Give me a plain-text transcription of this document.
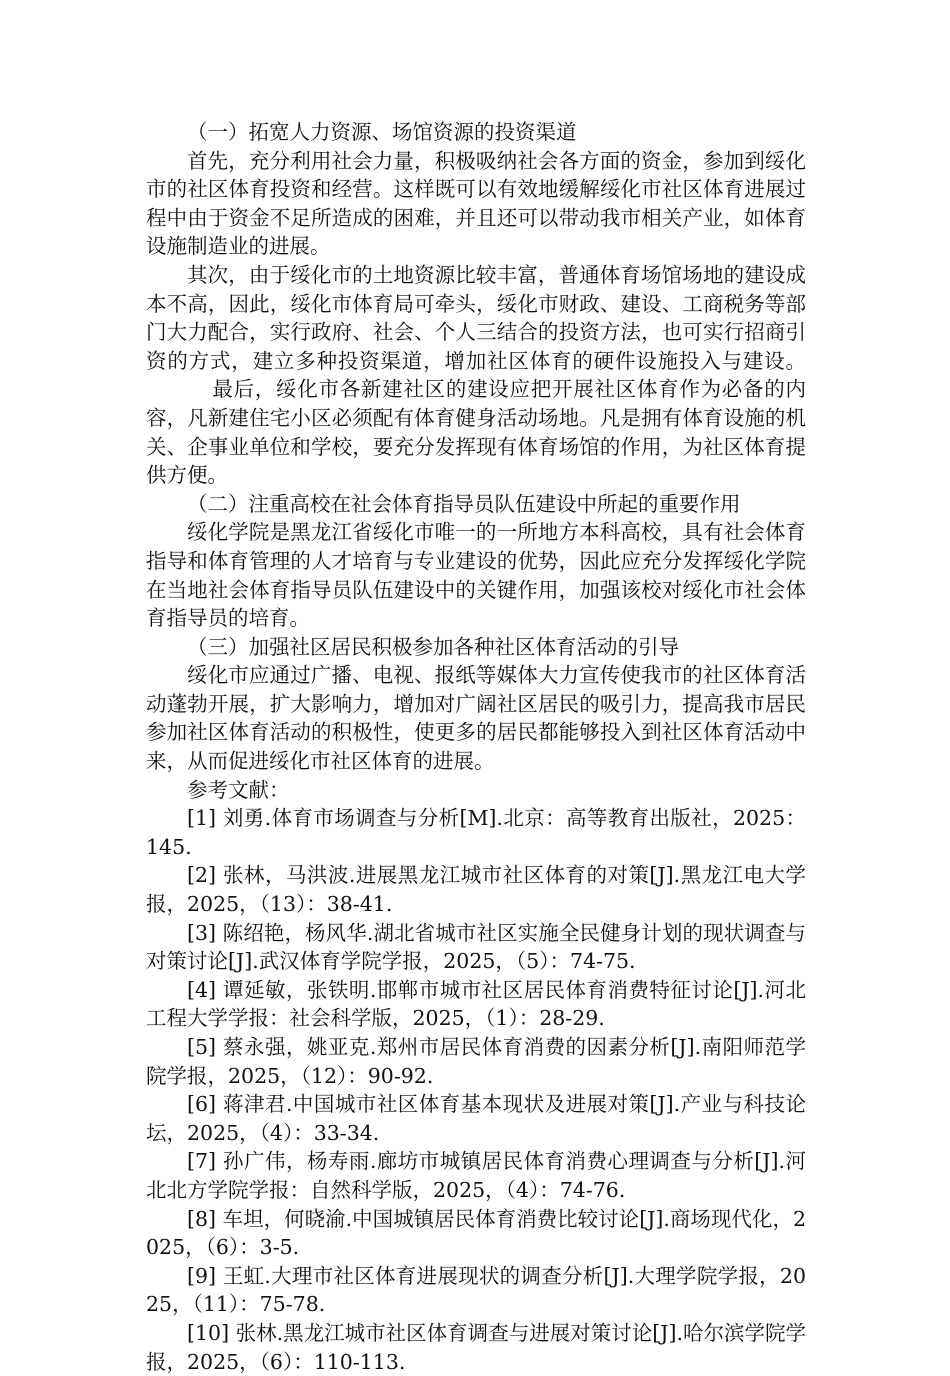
（一）拓宽人力资源、场馆资源的投资渠道

首先，充分利用社会力量，积极吸纳社会各方面的资金，参加到绥化市的社区体育投资和经营。这样既可以有效地缓解绥化市社区体育进展过程中由于资金不足所造成的困难，并且还可以带动我市相关产业，如体育设施制造业的进展。

其次，由于绥化市的土地资源比较丰富，普通体育场馆场地的建设成本不高，因此，绥化市体育局可牵头，绥化市财政、建设、工商税务等部门大力配合，实行政府、社会、个人三结合的投资方法，也可实行招商引资的方式，建立多种投资渠道，增加社区体育的硬件设施投入与建设。最后，绥化市各新建社区的建设应把开展社区体育作为必备的内容，凡新建住宅小区必须配有体育健身活动场地。凡是拥有体育设施的机关、企事业单位和学校，要充分发挥现有体育场馆的作用，为社区体育提供方便。

（二）注重高校在社会体育指导员队伍建设中所起的重要作用

绥化学院是黑龙江省绥化市唯一的一所地方本科高校，具有社会体育指导和体育管理的人才培育与专业建设的优势，因此应充分发挥绥化学院在当地社会体育指导员队伍建设中的关键作用，加强该校对绥化市社会体育指导员的培育。

（三）加强社区居民积极参加各种社区体育活动的引导

绥化市应通过广播、电视、报纸等媒体大力宣传使我市的社区体育活动蓬勃开展，扩大影响力，增加对广阔社区居民的吸引力，提高我市居民参加社区体育活动的积极性，使更多的居民都能够投入到社区体育活动中来，从而促进绥化市社区体育的进展。

参考文献：

[1] 刘勇.体育市场调查与分析[M].北京：高等教育出版社，2025：145.

[2] 张林，马洪波.进展黑龙江城市社区体育的对策[J].黑龙江电大学报，2025，（13）：38-41.

[3] 陈绍艳，杨风华.湖北省城市社区实施全民健身计划的现状调查与对策讨论[J].武汉体育学院学报，2025，（5）：74-75.

[4] 谭延敏，张铁明.邯郸市城市社区居民体育消费特征讨论[J].河北工程大学学报：社会科学版，2025，（1）：28-29.

[5] 蔡永强，姚亚克.郑州市居民体育消费的因素分析[J].南阳师范学院学报，2025，（12）：90-92.

[6] 蒋津君.中国城市社区体育基本现状及进展对策[J].产业与科技论坛，2025，（4）：33-34.

[7] 孙广伟，杨寿雨.廊坊市城镇居民体育消费心理调查与分析[J].河北北方学院学报：自然科学版，2025，（4）：74-76.

[8] 车坦，何晓渝.中国城镇居民体育消费比较讨论[J].商场现代化，2025，（6）：3-5.

[9] 王虹.大理市社区体育进展现状的调查分析[J].大理学院学报，2025，（11）：75-78.

[10] 张林.黑龙江城市社区体育调查与进展对策讨论[J].哈尔滨学院学报，2025，（6）：110-113.
